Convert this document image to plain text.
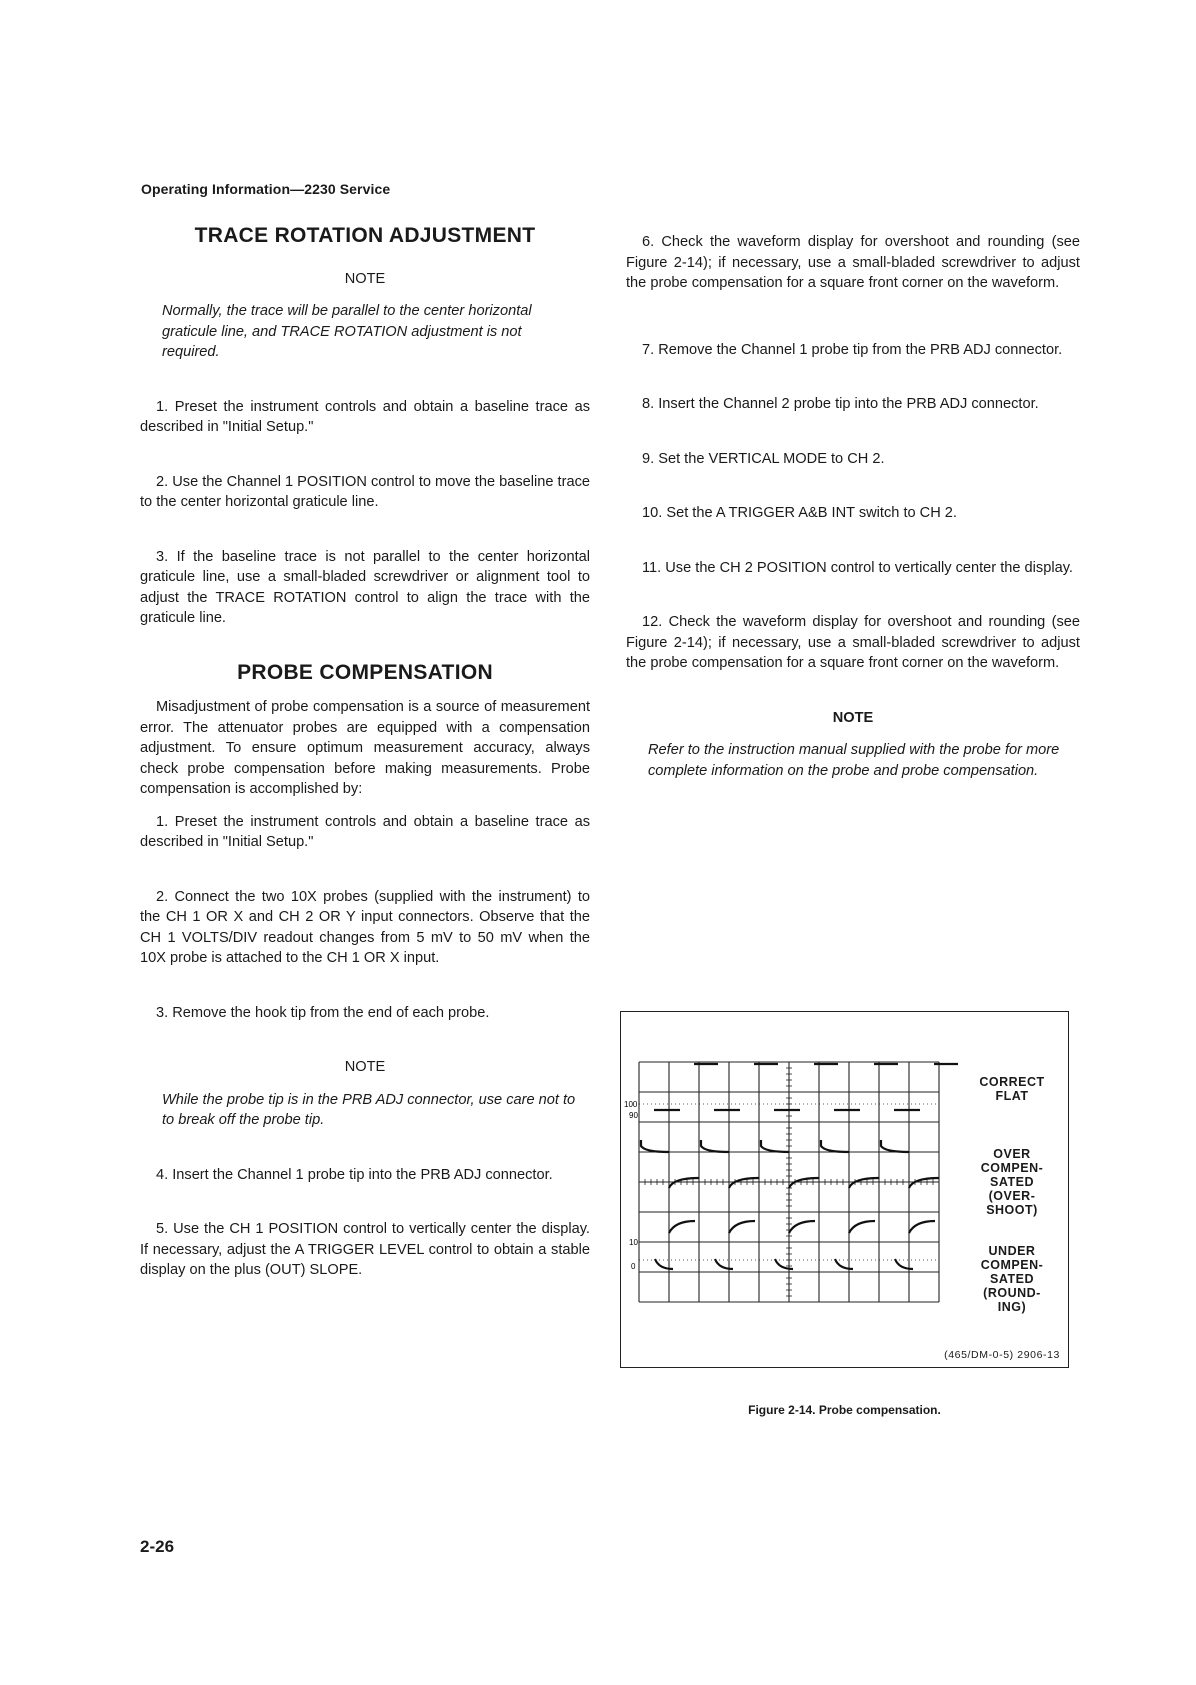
Operating Information—2230 Service
TRACE ROTATION ADJUSTMENT
NOTE
Normally, the trace will be parallel to the center horizontal graticule line, and TRACE ROTATION adjustment is not required.

1. Preset the instrument controls and obtain a baseline trace as described in "Initial Setup."

2. Use the Channel 1 POSITION control to move the baseline trace to the center horizontal graticule line.

3. If the baseline trace is not parallel to the center horizontal graticule line, use a small-bladed screwdriver or alignment tool to adjust the TRACE ROTATION control to align the trace with the graticule line.

PROBE COMPENSATION

Misadjustment of probe compensation is a source of measurement error. The attenuator probes are equipped with a compensation adjustment. To ensure optimum measurement accuracy, always check probe compensation before making measurements. Probe compensation is accomplished by:

1. Preset the instrument controls and obtain a baseline trace as described in "Initial Setup."

2. Connect the two 10X probes (supplied with the instrument) to the CH 1 OR X and CH 2 OR Y input connectors. Observe that the CH 1 VOLTS/DIV readout changes from 5 mV to 50 mV when the 10X probe is attached to the CH 1 OR X input.

3. Remove the hook tip from the end of each probe.

NOTE
While the probe tip is in the PRB ADJ connector, use care not to to break off the probe tip.

4. Insert the Channel 1 probe tip into the PRB ADJ connector.

5. Use the CH 1 POSITION control to vertically center the display. If necessary, adjust the A TRIGGER LEVEL control to obtain a stable display on the plus (OUT) SLOPE.

6. Check the waveform display for overshoot and rounding (see Figure 2-14); if necessary, use a small-bladed screwdriver to adjust the probe compensation for a square front corner on the waveform.

7. Remove the Channel 1 probe tip from the PRB ADJ connector.

8. Insert the Channel 2 probe tip into the PRB ADJ connector.

9. Set the VERTICAL MODE to CH 2.

10. Set the A TRIGGER A&B INT switch to CH 2.

11. Use the CH 2 POSITION control to vertically center the display.

12. Check the waveform display for overshoot and rounding (see Figure 2-14); if necessary, use a small-bladed screwdriver to adjust the probe compensation for a square front corner on the waveform.

NOTE
Refer to the instruction manual supplied with the probe for more complete information on the probe and probe compensation.
100
90
10
0
CORRECT
FLAT
OVER
COMPEN-
SATED
(OVER-
SHOOT)
UNDER
COMPEN-
SATED
(ROUND-
ING)
(465/DM-0-5) 2906-13
Figure 2-14. Probe compensation.
2-26
